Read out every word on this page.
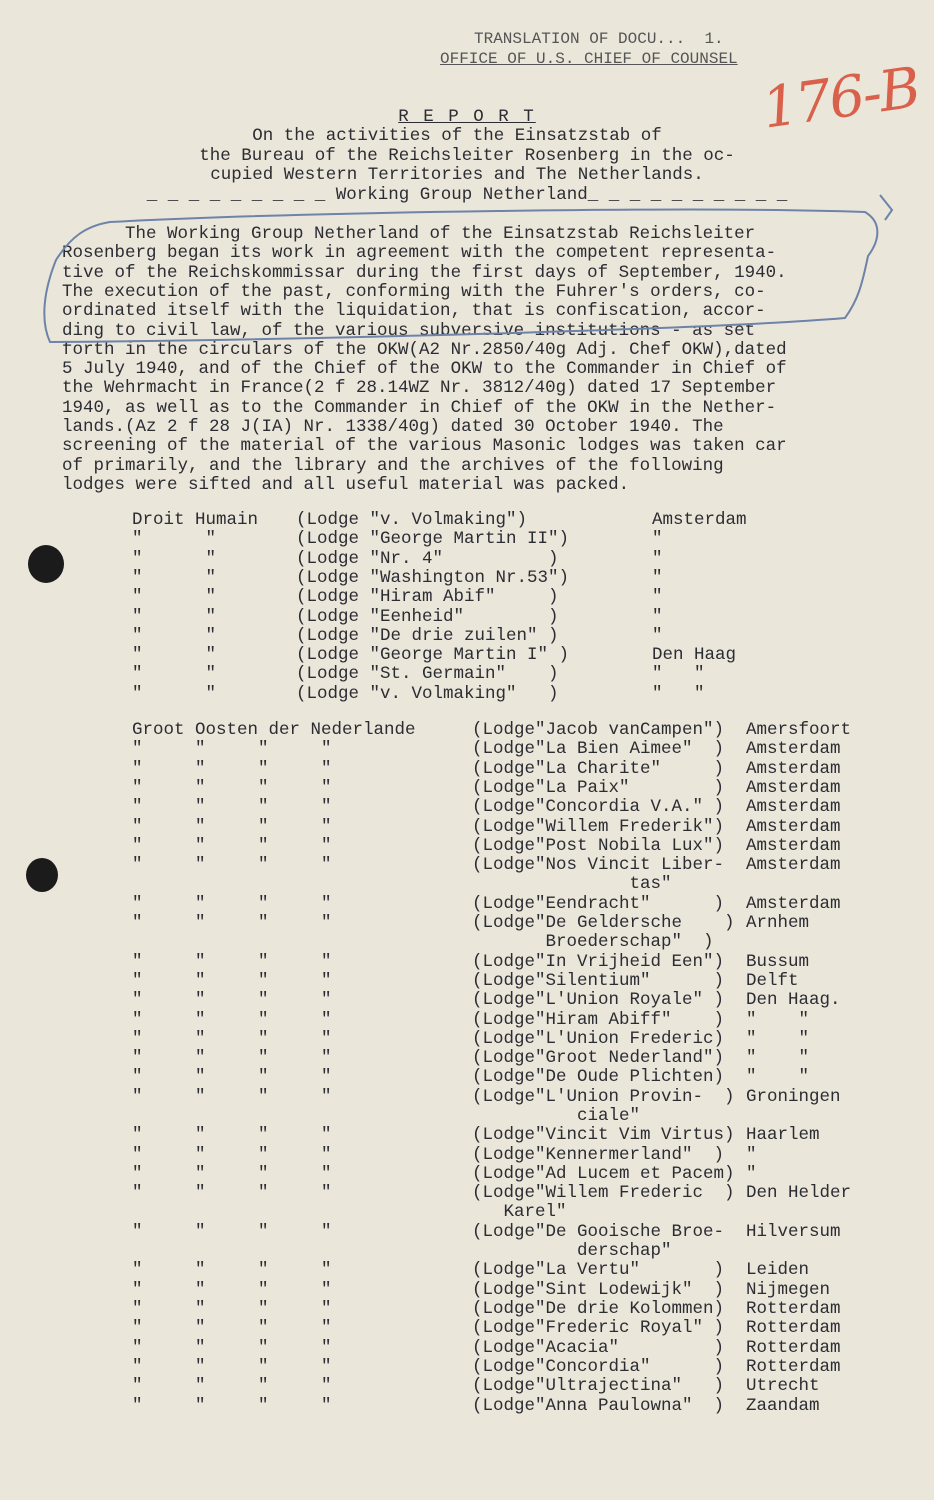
TRANSLATION OF DOCU...  1.
OFFICE OF U.S. CHIEF OF COUNSEL 176-B
R E P O R T
On the activities of the Einsatzstab of
the Bureau of the Reichsleiter Rosenberg in the oc-
cupied Western Territories and The Netherlands.
_ _ _ _ _ _ _ _ _ Working Group Netherland_ _ _ _ _ _ _ _ _ _
The Working Group Netherland of the Einsatzstab Reichsleiter
Rosenberg began its work in agreement with the competent representa-
tive of the Reichskommissar during the first days of September, 1940.
The execution of the past, conforming with the Fuhrer's orders, co-
ordinated itself with the liquidation, that is confiscation, accor-
ding to civil law, of the various subversive institutions - as set
forth in the circulars of the OKW(A2 Nr.2850/40g Adj. Chef OKW),dated
5 July 1940, and of the Chief of the OKW to the Commander in Chief of
the Wehrmacht in France(2 f 28.14WZ Nr. 3812/40g) dated 17 September
1940, as well as to the Commander in Chief of the OKW in the Nether-
lands.(Az 2 f 28 J(IA) Nr. 1338/40g) dated 30 October 1940. The
screening of the material of the various Masonic lodges was taken car
of primarily, and the library and the archives of the following
lodges were sifted and all useful material was packed.
Droit Humain (Lodge "v. Volmaking")	Amsterdam
"      "	(Lodge "George Martin II")	"
"      "	(Lodge "Nr. 4"          )	"
"      "	(Lodge "Washington Nr.53")	"
"      "	(Lodge "Hiram Abif"     )	"
"      "	(Lodge "Eenheid"        )	"
"      "	(Lodge "De drie zuilen" )	"
"      "	(Lodge "George Martin I" )	Den Haag
"      "	(Lodge "St. Germain"    )	"   "
"      "	(Lodge "v. Volmaking"   )	"   "
Groot Oosten der Nederlande	(Lodge"Jacob vanCampen") Amersfoort
"     "     "     "	(Lodge"La Bien Aimee"  ) Amsterdam
"     "     "     "	(Lodge"La Charite"     ) Amsterdam
"     "     "     "	(Lodge"La Paix"        ) Amsterdam
"     "     "     "	(Lodge"Concordia V.A." ) Amsterdam
"     "     "     "	(Lodge"Willem Frederik") Amsterdam
"     "     "     "	(Lodge"Post Nobila Lux") Amsterdam
"     "     "     "	(Lodge"Nos Vincit Liber- Amsterdam
tas"
"     "     "     "	(Lodge"Eendracht"      ) Amsterdam
"     "     "     "	(Lodge"De Geldersche    ) Arnhem
Broederschap"  )
"     "     "     "	(Lodge"In Vrijheid Een") Bussum
"     "     "     "	(Lodge"Silentium"      ) Delft
"     "     "     "	(Lodge"L'Union Royale" ) Den Haag.
"     "     "     "	(Lodge"Hiram Abiff"    ) "    "
"     "     "     "	(Lodge"L'Union Frederic) "    "
"     "     "     "	(Lodge"Groot Nederland") "    "
"     "     "     "	(Lodge"De Oude Plichten) "    "
"     "     "     "	(Lodge"L'Union Provin-  ) Groningen
ciale"
"     "     "     "	(Lodge"Vincit Vim Virtus) Haarlem
"     "     "     "	(Lodge"Kennermerland"  ) "
"     "     "     "	(Lodge"Ad Lucem et Pacem) "
"     "     "     "	(Lodge"Willem Frederic  ) Den Helder
Karel"
"     "     "     "	(Lodge"De Gooische Broe- Hilversum
derschap"
"     "     "     "	(Lodge"La Vertu"       ) Leiden
"     "     "     "	(Lodge"Sint Lodewijk"  ) Nijmegen
"     "     "     "	(Lodge"De drie Kolommen) Rotterdam
"     "     "     "	(Lodge"Frederic Royal" ) Rotterdam
"     "     "     "	(Lodge"Acacia"         ) Rotterdam
"     "     "     "	(Lodge"Concordia"      ) Rotterdam
"     "     "     "	(Lodge"Ultrajectina"   ) Utrecht
"     "     "     "	(Lodge"Anna Paulowna"  ) Zaandam
